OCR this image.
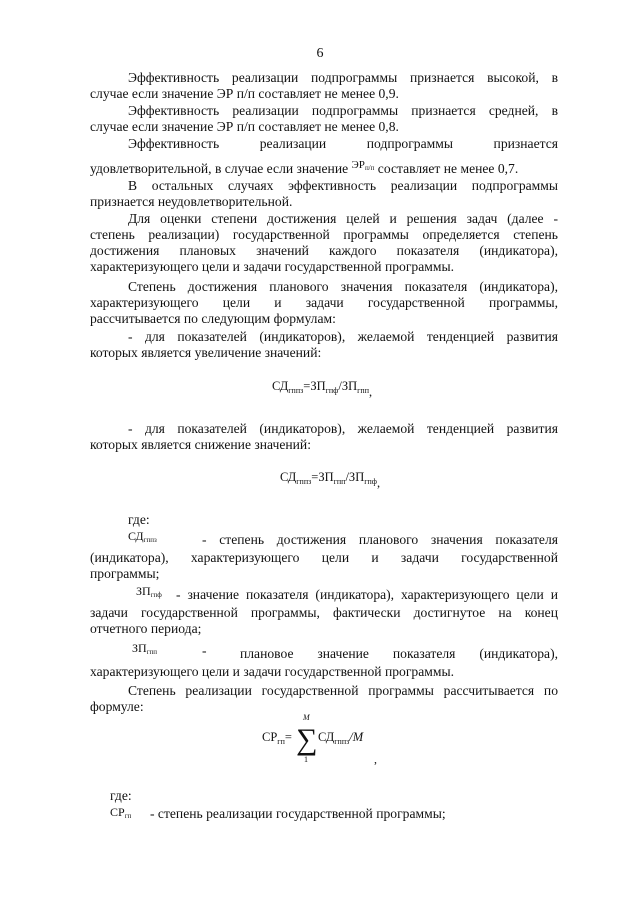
6
Эффективность реализации подпрограммы признается высокой, в
случае если значение ЭР п/п составляет не менее 0,9.
Эффективность реализации подпрограммы признается средней, в
случае если значение ЭР п/п составляет не менее 0,8.
Эффективность реализации подпрограммы признается
удовлетворительной, в случае если значение $^{ЭР_{п/п}}$ составляет не менее 0,7.
В остальных случаях эффективность реализации подпрограммы
признается неудовлетворительной.
Для оценки степени достижения целей и решения задач (далее -
степень реализации) государственной программы определяется степень
достижения плановых значений каждого показателя (индикатора),
характеризующего цели и задачи государственной программы.
Степень достижения планового значения показателя (индикатора),
характеризующего цели и задачи государственной программы,
рассчитывается по следующим формулам:
- для показателей (индикаторов), желаемой тенденцией развития
которых является увеличение значений:
$СД_{гппз}=ЗП_{гпф}/ЗП_{гпп}$,
- для показателей (индикаторов), желаемой тенденцией развития
которых является снижение значений:
$СД_{гппз}=ЗП_{гпп}/ЗП_{гпф}$,
где:
$СД_{гппз}$	- степень достижения планового значения показателя
(индикатора), характеризующего цели и задачи государственной
программы;
$ЗП_{гпф}$ - значение показателя (индикатора), характеризующего цели и
задачи государственной программы, фактически достигнутое на конец
отчетного периода;
$ЗП_{гпп}$	- плановое значение показателя (индикатора),
характеризующего цели и задачи государственной программы.
Степень реализации государственной программы рассчитывается по
формуле:
$СР_{гп}=$
M
∑
1
$СД_{гппз}/M$
,
где:
$СР_{гп}$ - степень реализации государственной программы;
